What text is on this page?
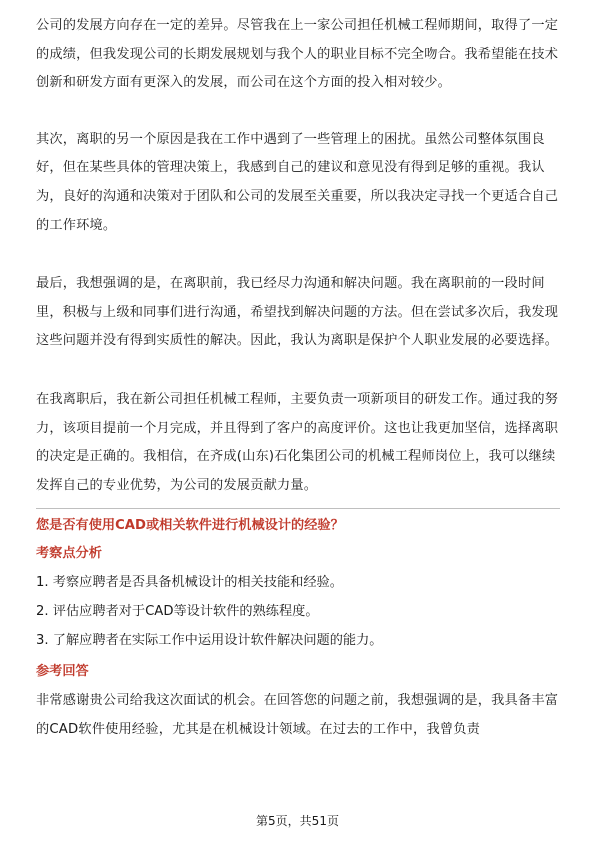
公司的发展方向存在一定的差异。尽管我在上一家公司担任机械工程师期间，取得了一定的成绩，但我发现公司的长期发展规划与我个人的职业目标不完全吻合。我希望能在技术创新和研发方面有更深入的发展，而公司在这个方面的投入相对较少。

其次，离职的另一个原因是我在工作中遇到了一些管理上的困扰。虽然公司整体氛围良好，但在某些具体的管理决策上，我感到自己的建议和意见没有得到足够的重视。我认为，良好的沟通和决策对于团队和公司的发展至关重要，所以我决定寻找一个更适合自己的工作环境。

最后，我想强调的是，在离职前，我已经尽力沟通和解决问题。我在离职前的一段时间里，积极与上级和同事们进行沟通，希望找到解决问题的方法。但在尝试多次后，我发现这些问题并没有得到实质性的解决。因此，我认为离职是保护个人职业发展的必要选择。

在我离职后，我在新公司担任机械工程师，主要负责一项新项目的研发工作。通过我的努力，该项目提前一个月完成，并且得到了客户的高度评价。这也让我更加坚信，选择离职的决定是正确的。我相信，在齐成(山东)石化集团公司的机械工程师岗位上，我可以继续发挥自己的专业优势，为公司的发展贡献力量。

您是否有使用CAD或相关软件进行机械设计的经验？
考察点分析

1. 考察应聘者是否具备机械设计的相关技能和经验。

2. 评估应聘者对于CAD等设计软件的熟练程度。

3. 了解应聘者在实际工作中运用设计软件解决问题的能力。

参考回答

非常感谢贵公司给我这次面试的机会。在回答您的问题之前，我想强调的是，我具备丰富的CAD软件使用经验，尤其是在机械设计领域。在过去的工作中，我曾负责

第5页，共51页
